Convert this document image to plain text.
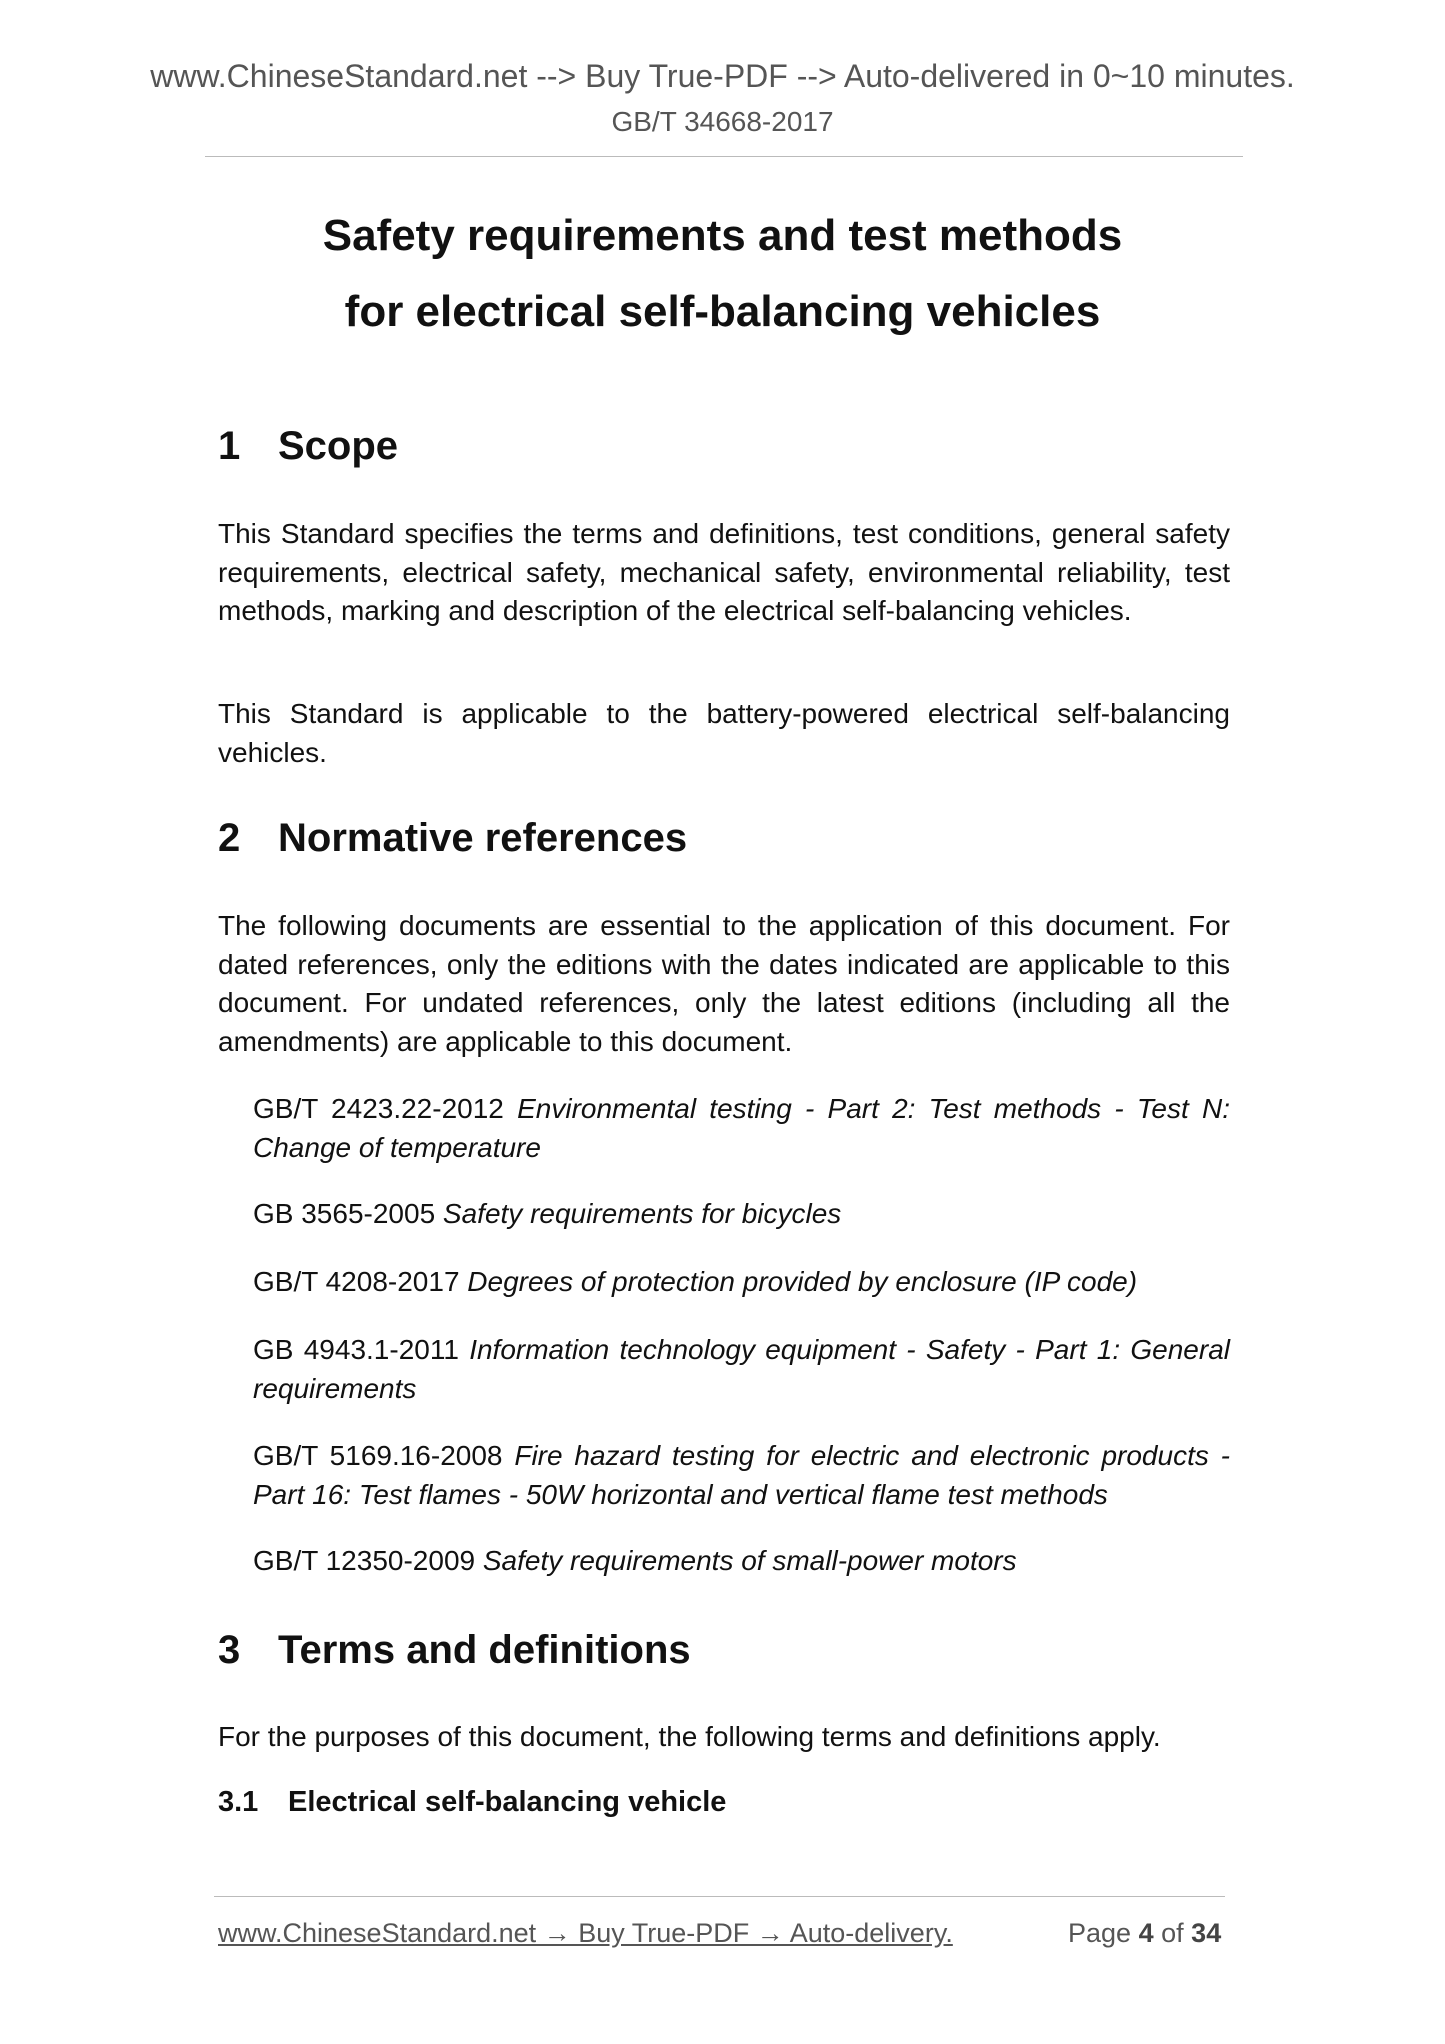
www.ChineseStandard.net --> Buy True-PDF --> Auto-delivered in 0~10 minutes.
GB/T 34668-2017
Safety requirements and test methods
for electrical self-balancing vehicles
1 Scope
This Standard specifies the terms and definitions, test conditions, general safety requirements, electrical safety, mechanical safety, environmental reliability, test methods, marking and description of the electrical self-balancing vehicles.
This Standard is applicable to the battery-powered electrical self-balancing vehicles.
2 Normative references
The following documents are essential to the application of this document. For dated references, only the editions with the dates indicated are applicable to this document. For undated references, only the latest editions (including all the amendments) are applicable to this document.
GB/T 2423.22-2012 Environmental testing - Part 2: Test methods - Test N: Change of temperature
GB 3565-2005 Safety requirements for bicycles
GB/T 4208-2017 Degrees of protection provided by enclosure (IP code)
GB 4943.1-2011 Information technology equipment - Safety - Part 1: General requirements
GB/T 5169.16-2008 Fire hazard testing for electric and electronic products - Part 16: Test flames - 50W horizontal and vertical flame test methods
GB/T 12350-2009 Safety requirements of small-power motors
3 Terms and definitions
For the purposes of this document, the following terms and definitions apply.
3.1 Electrical self-balancing vehicle
www.ChineseStandard.net → Buy True-PDF → Auto-delivery.	Page 4 of 34
